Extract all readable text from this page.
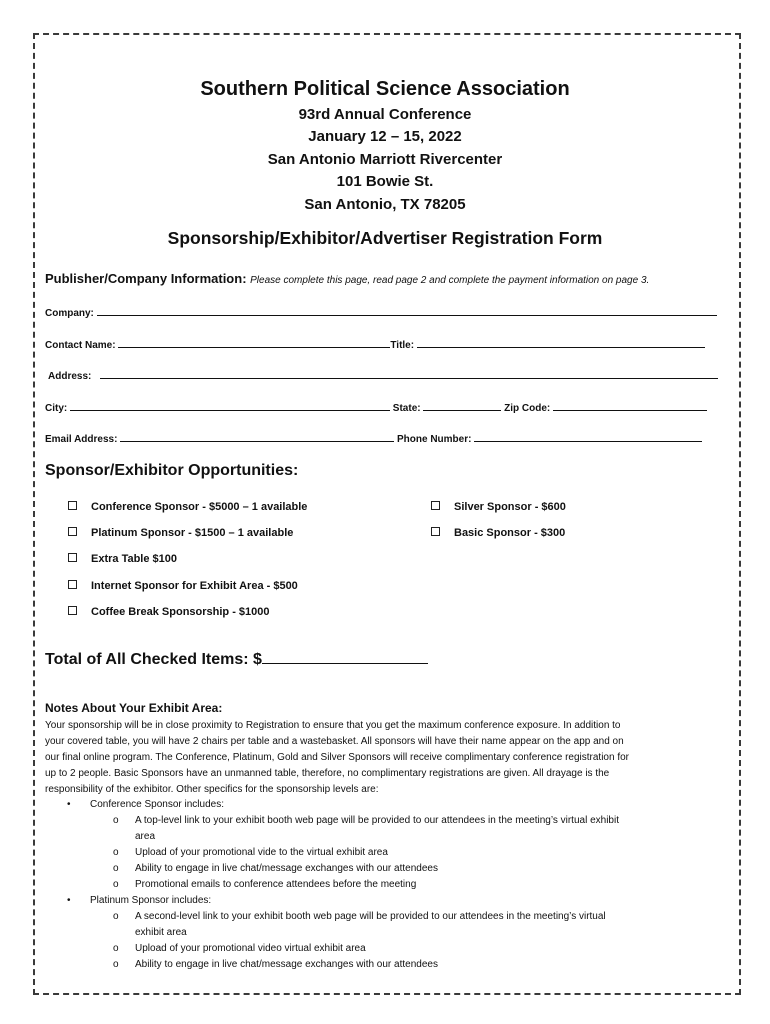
Southern Political Science Association
93rd Annual Conference
January 12 – 15, 2022
San Antonio Marriott Rivercenter
101 Bowie St.
San Antonio, TX 78205
Sponsorship/Exhibitor/Advertiser Registration Form
Publisher/Company Information: Please complete this page, read page 2 and complete the payment information on page 3.
Company:
Contact Name:	Title:
Address:
City:	State:	Zip Code:
Email Address:	Phone Number:
Sponsor/Exhibitor Opportunities:
Conference Sponsor - $5000 – 1 available
Platinum Sponsor - $1500 – 1 available
Extra Table $100
Internet Sponsor for Exhibit Area - $500
Coffee Break Sponsorship - $1000
Silver Sponsor - $600
Basic Sponsor - $300
Total of All Checked Items: $
Notes About Your Exhibit Area:
Your sponsorship will be in close proximity to Registration to ensure that you get the maximum conference exposure. In addition to
your covered table, you will have 2 chairs per table and a wastebasket. All sponsors will have their name appear on the app and on
our final online program. The Conference, Platinum, Gold and Silver Sponsors will receive complimentary conference registration for
up to 2 people. Basic Sponsors have an unmanned table, therefore, no complimentary registrations are given. All drayage is the
responsibility of the exhibitor. Other specifics for the sponsorship levels are:
• Conference Sponsor includes:
o A top-level link to your exhibit booth web page will be provided to our attendees in the meeting’s virtual exhibit
area
o Upload of your promotional vide to the virtual exhibit area
o Ability to engage in live chat/message exchanges with our attendees
o Promotional emails to conference attendees before the meeting
• Platinum Sponsor includes:
o A second-level link to your exhibit booth web page will be provided to our attendees in the meeting’s virtual
exhibit area
o Upload of your promotional video virtual exhibit area
o Ability to engage in live chat/message exchanges with our attendees
